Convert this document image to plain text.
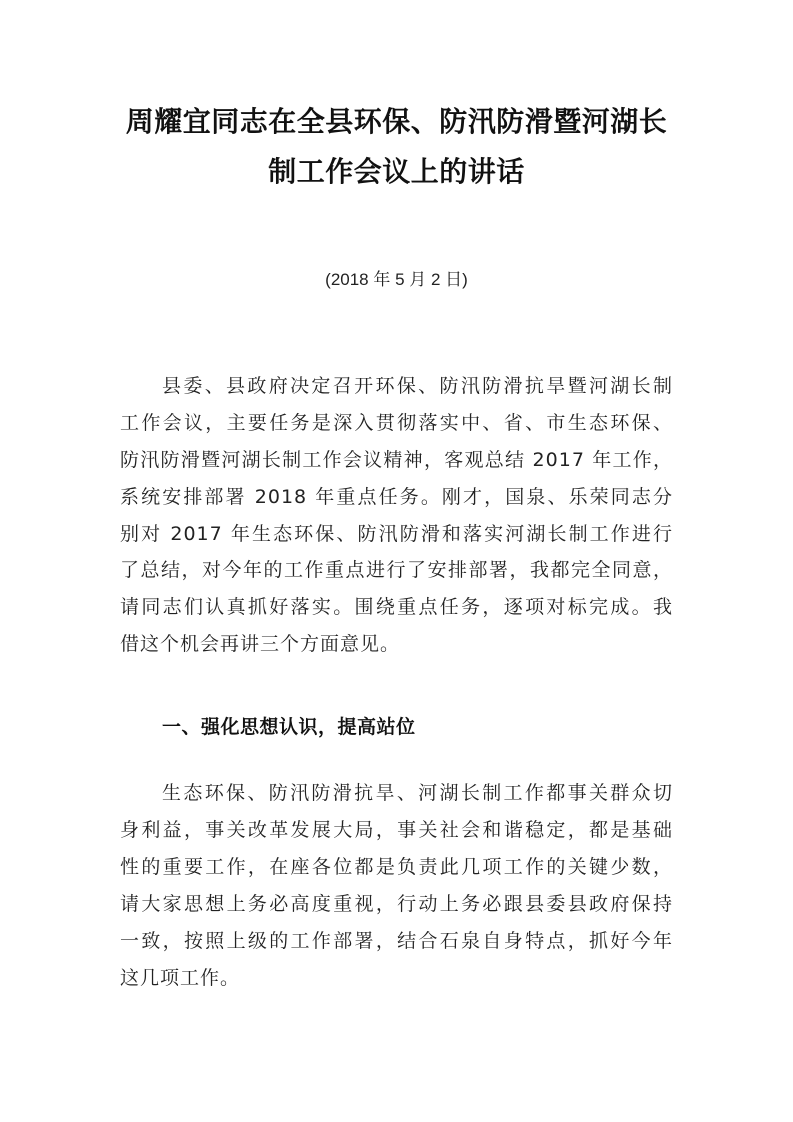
周耀宜同志在全县环保、防汛防滑暨河湖长
制工作会议上的讲话
(2018 年 5 月 2 日)
县委、县政府决定召开环保、防汛防滑抗旱暨河湖长制
工作会议，主要任务是深入贯彻落实中、省、市生态环保、
防汛防滑暨河湖长制工作会议精神，客观总结 2017 年工作，
系统安排部署 2018 年重点任务。刚才，国泉、乐荣同志分
别对 2017 年生态环保、防汛防滑和落实河湖长制工作进行
了总结，对今年的工作重点进行了安排部署，我都完全同意，
请同志们认真抓好落实。围绕重点任务，逐项对标完成。我
借这个机会再讲三个方面意见。
一、强化思想认识，提高站位
生态环保、防汛防滑抗旱、河湖长制工作都事关群众切
身利益，事关改革发展大局，事关社会和谐稳定，都是基础
性的重要工作，在座各位都是负责此几项工作的关键少数，
请大家思想上务必高度重视，行动上务必跟县委县政府保持
一致，按照上级的工作部署，结合石泉自身特点，抓好今年
这几项工作。
